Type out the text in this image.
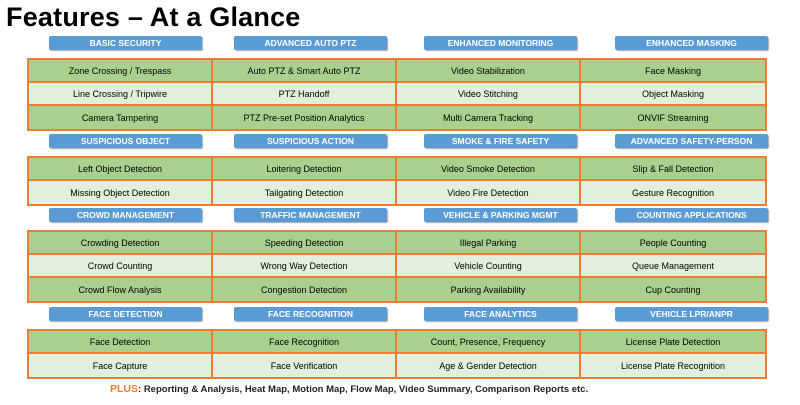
Features – At a Glance
BASIC SECURITY	ADVANCED AUTO PTZ	ENHANCED MONITORING	ENHANCED MASKING
Zone Crossing / Trespass	Auto PTZ & Smart Auto PTZ	Video Stabilization	Face Masking
Line Crossing / Tripwire	PTZ Handoff	Video Stitching	Object Masking
Camera Tampering	PTZ Pre-set Position Analytics	Multi Camera Tracking	ONVIF Streaming
SUSPICIOUS OBJECT	SUSPICIOUS ACTION	SMOKE & FIRE SAFETY	ADVANCED SAFETY-PERSON
Left Object Detection	Loitering Detection	Video Smoke Detection	Slip & Fall Detection
Missing Object Detection	Tailgating Detection	Video Fire Detection	Gesture Recognition
CROWD MANAGEMENT	TRAFFIC MANAGEMENT	VEHICLE & PARKING MGMT	COUNTING APPLICATIONS
Crowding Detection	Speeding Detection	Illegal Parking	People Counting
Crowd Counting	Wrong Way Detection	Vehicle Counting	Queue Management
Crowd Flow Analysis	Congestion Detection	Parking Availability	Cup Counting
FACE DETECTION	FACE RECOGNITION	FACE ANALYTICS	VEHICLE LPR/ANPR
Face Detection	Face Recognition	Count, Presence, Frequency	License Plate Detection
Face Capture	Face Verification	Age & Gender Detection	License Plate Recognition
PLUS: Reporting & Analysis, Heat Map, Motion Map, Flow Map, Video Summary, Comparison Reports etc.
